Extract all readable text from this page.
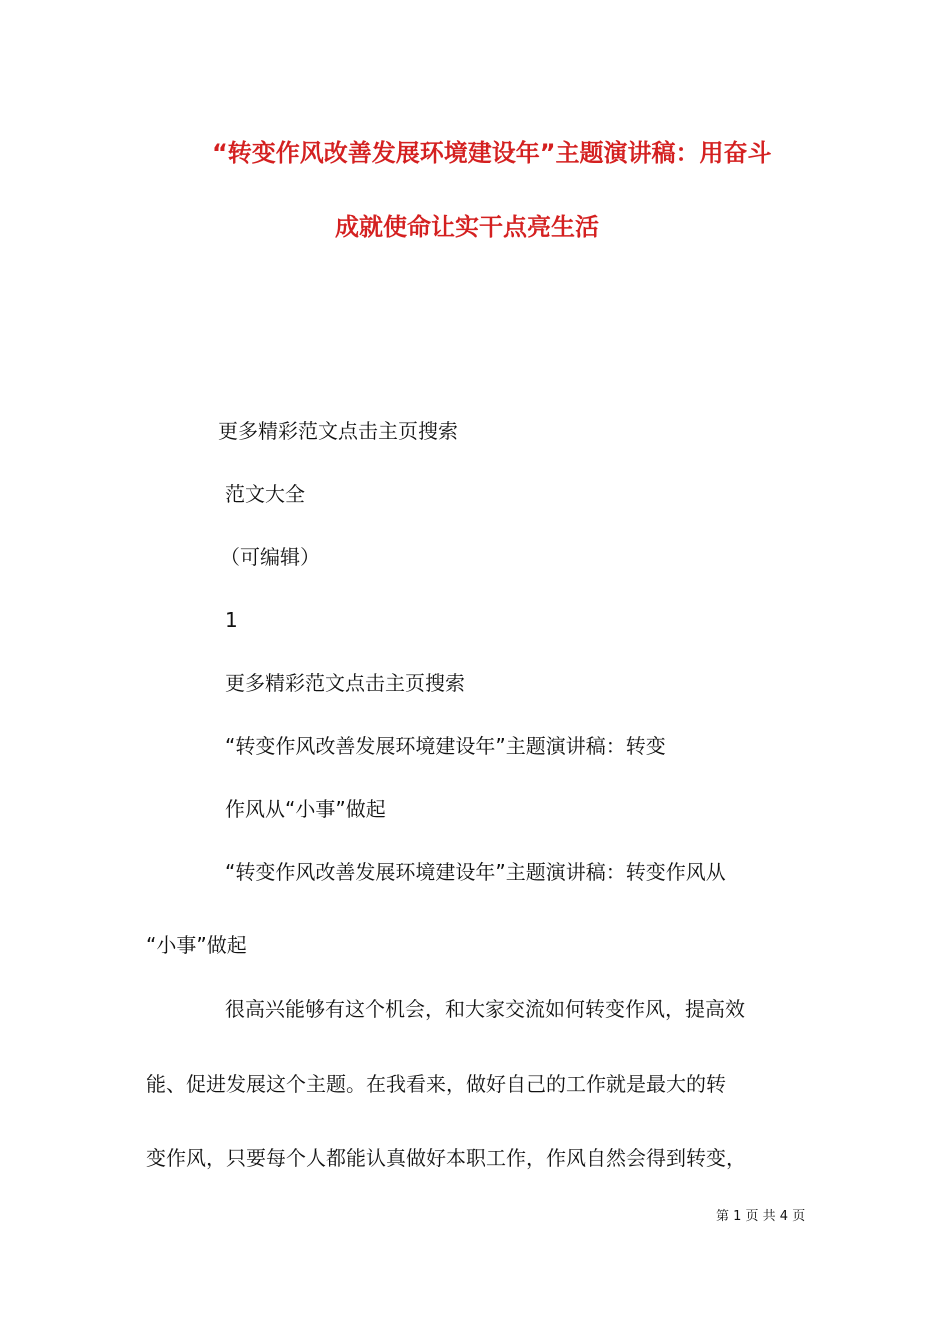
“转变作风改善发展环境建设年”主题演讲稿：用奋斗
成就使命让实干点亮生活
更多精彩范文点击主页搜索
范文大全
（可编辑）
1
更多精彩范文点击主页搜索
“转变作风改善发展环境建设年”主题演讲稿：转变
作风从“小事”做起
“转变作风改善发展环境建设年”主题演讲稿：转变作风从
“小事”做起
很高兴能够有这个机会，和大家交流如何转变作风，提高效
能、促进发展这个主题。在我看来，做好自己的工作就是最大的转
变作风，只要每个人都能认真做好本职工作，作风自然会得到转变，
第 1 页 共 4 页
